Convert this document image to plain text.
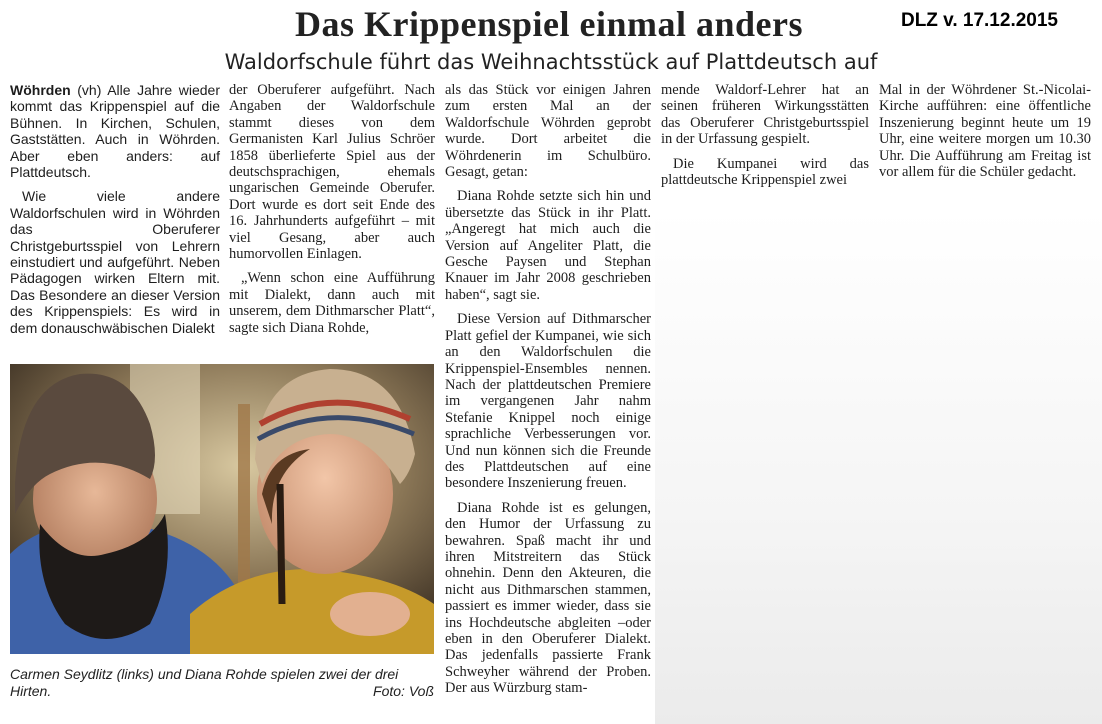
Das Krippenspiel einmal anders	DLZ v. 17.12.2015
Waldorfschule führt das Weihnachtsstück auf Plattdeutsch auf

Wöhrden (vh) Alle Jahre wieder kommt das Krippenspiel auf die Bühnen. In Kirchen, Schulen, Gaststätten. Auch in Wöhrden. Aber eben anders: auf Plattdeutsch.

Wie viele andere Waldorfschulen wird in Wöhrden das Oberuferer Christgeburtsspiel von Lehrern einstudiert und aufgeführt. Neben Pädagogen wirken Eltern mit. Das Besondere an dieser Version des Krippenspiels: Es wird in dem donauschwäbischen Dialekt

der Oberuferer aufgeführt. Nach Angaben der Waldorfschule stammt dieses von dem Germanisten Karl Julius Schröer 1858 überlieferte Spiel aus der deutschsprachigen, ehemals ungarischen Gemeinde Oberufer. Dort wurde es dort seit Ende des 16. Jahrhunderts aufgeführt – mit viel Gesang, aber auch humorvollen Einlagen.

„Wenn schon eine Aufführung mit Dialekt, dann auch mit unserem, dem Dithmarscher Platt“, sagte sich Diana Rohde,

als das Stück vor einigen Jahren zum ersten Mal an der Waldorfschule Wöhrden geprobt wurde. Dort arbeitet die Wöhrdenerin im Schulbüro. Gesagt, getan:

Diana Rohde setzte sich hin und übersetzte das Stück in ihr Platt. „Angeregt hat mich auch die Version auf Angeliter Platt, die Gesche Paysen und Stephan Knauer im Jahr 2008 geschrieben haben“, sagt sie.

Diese Version auf Dithmarscher Platt gefiel der Kumpanei, wie sich an den Waldorfschulen die Krippenspiel-Ensembles nennen. Nach der plattdeutschen Premiere im vergangenen Jahr nahm Stefanie Knippel noch einige sprachliche Verbesserungen vor. Und nun können sich die Freunde des Plattdeutschen auf eine besondere Inszenierung freuen.

Diana Rohde ist es gelungen, den Humor der Urfassung zu bewahren. Spaß macht ihr und ihren Mitstreitern das Stück ohnehin. Denn den Akteuren, die nicht aus Dithmarschen stammen, passiert es immer wieder, dass sie ins Hochdeutsche abgleiten –oder eben in den Oberuferer Dialekt. Das jedenfalls passierte Frank Schweyher während der Proben. Der aus Würzburg stam-

mende Waldorf-Lehrer hat an seinen früheren Wirkungsstätten das Oberuferer Christgeburtsspiel in der Urfassung gespielt.

Die Kumpanei wird das plattdeutsche Krippenspiel zwei

Mal in der Wöhrdener St.-Nicolai-Kirche aufführen: eine öffentliche Inszenierung beginnt heute um 19 Uhr, eine weitere morgen um 10.30 Uhr. Die Aufführung am Freitag ist vor allem für die Schüler gedacht.

Carmen Seydlitz (links) und Diana Rohde spielen zwei der drei Hirten.	Foto: Voß
